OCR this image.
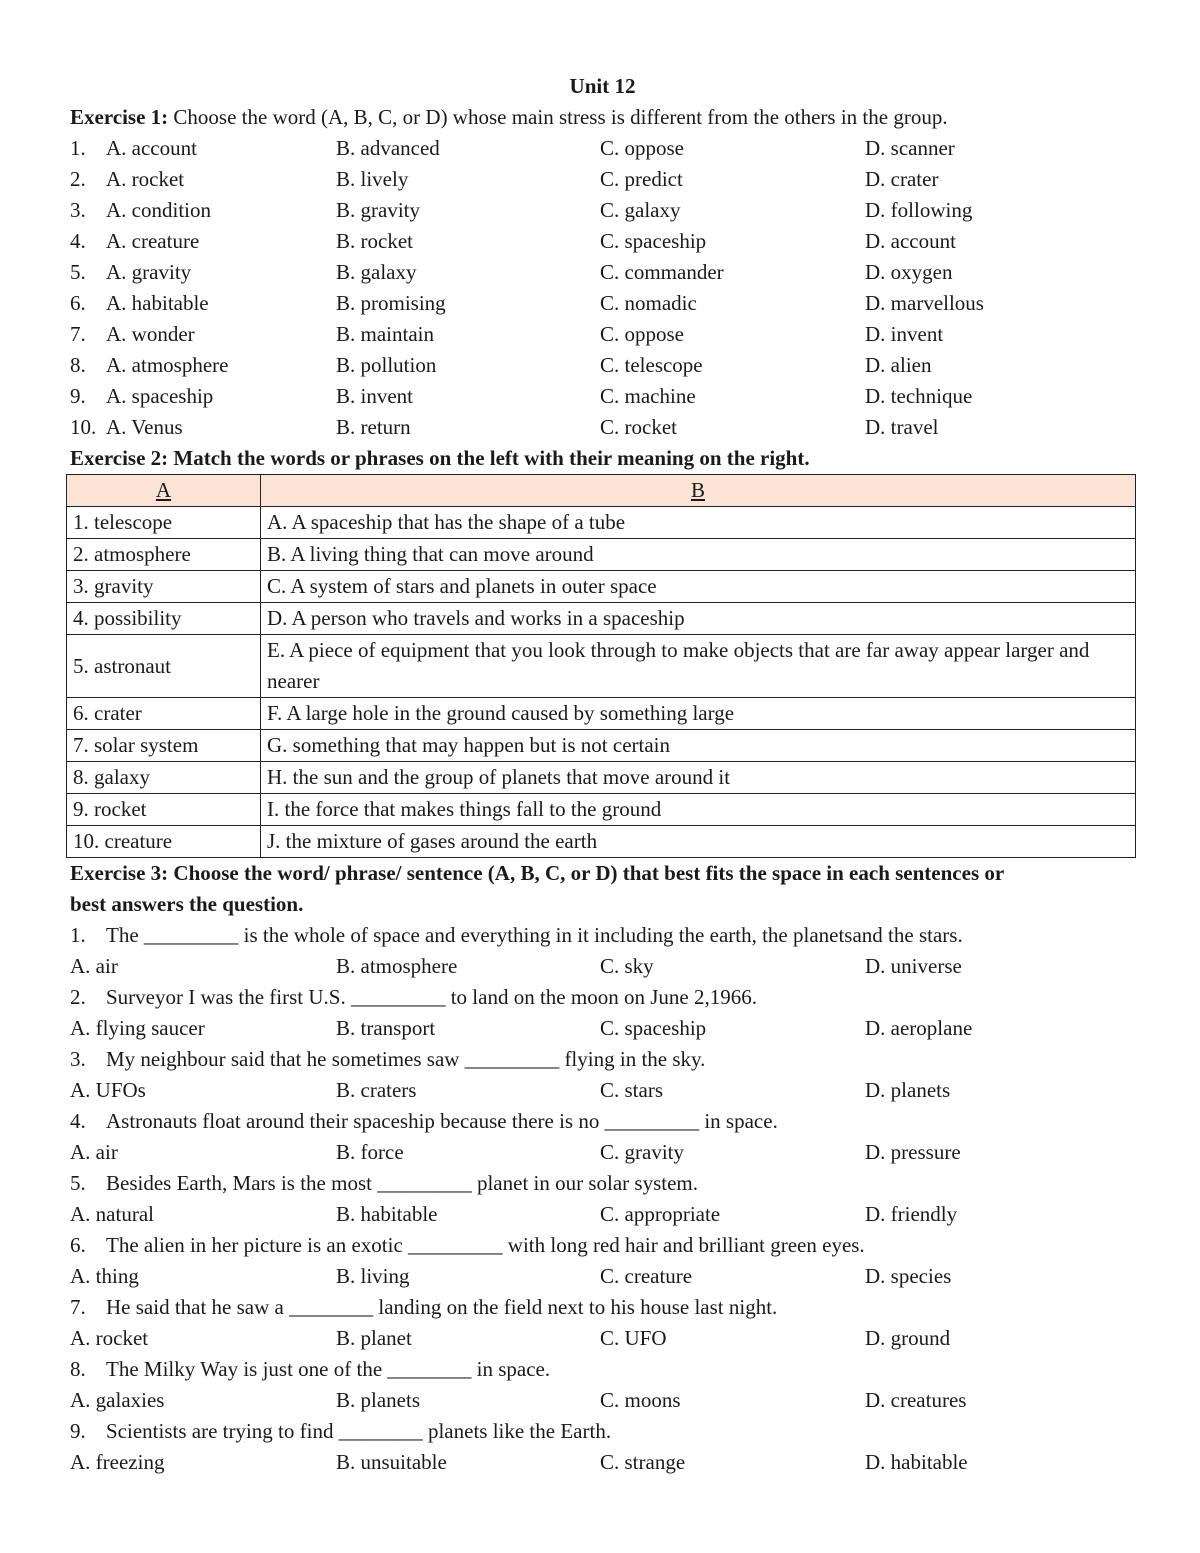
Unit 12
Exercise 1: Choose the word (A, B, C, or D) whose main stress is different from the others in the group.
1. A. account	B. advanced	C. oppose	D. scanner
2. A. rocket	B. lively	C. predict	D. crater
3. A. condition	B. gravity	C. galaxy	D. following
4. A. creature	B. rocket	C. spaceship	D. account
5. A. gravity	B. galaxy	C. commander	D. oxygen
6. A. habitable	B. promising	C. nomadic	D. marvellous
7. A. wonder	B. maintain	C. oppose	D. invent
8. A. atmosphere	B. pollution	C. telescope	D. alien
9. A. spaceship	B. invent	C. machine	D. technique
10. A. Venus	B. return	C. rocket	D. travel
Exercise 2: Match the words or phrases on the left with their meaning on the right.
A	B
1. telescope	A. A spaceship that has the shape of a tube
2. atmosphere	B. A living thing that can move around
3. gravity	C. A system of stars and planets in outer space
4. possibility	D. A person who travels and works in a spaceship
5. astronaut	E. A piece of equipment that you look through to make objects that are far away appear larger and nearer
6. crater	F. A large hole in the ground caused by something large
7. solar system	G. something that may happen but is not certain
8. galaxy	H. the sun and the group of planets that move around it
9. rocket	I. the force that makes things fall to the ground
10. creature	J. the mixture of gases around the earth
Exercise 3: Choose the word/ phrase/ sentence (A, B, C, or D) that best fits the space in each sentences or
best answers the question.
1. The _________ is the whole of space and everything in it including the earth, the planetsand the stars.
A. air	B. atmosphere	C. sky	D. universe
2. Surveyor I was the first U.S. _________ to land on the moon on June 2,1966.
A. flying saucer	B. transport	C. spaceship	D. aeroplane
3. My neighbour said that he sometimes saw _________ flying in the sky.
A. UFOs	B. craters	C. stars	D. planets
4. Astronauts float around their spaceship because there is no _________ in space.
A. air	B. force	C. gravity	D. pressure
5. Besides Earth, Mars is the most _________ planet in our solar system.
A. natural	B. habitable	C. appropriate	D. friendly
6. The alien in her picture is an exotic _________ with long red hair and brilliant green eyes.
A. thing	B. living	C. creature	D. species
7. He said that he saw a ________ landing on the field next to his house last night.
A. rocket	B. planet	C. UFO	D. ground
8. The Milky Way is just one of the ________ in space.
A. galaxies	B. planets	C. moons	D. creatures
9. Scientists are trying to find ________ planets like the Earth.
A. freezing	B. unsuitable	C. strange	D. habitable
